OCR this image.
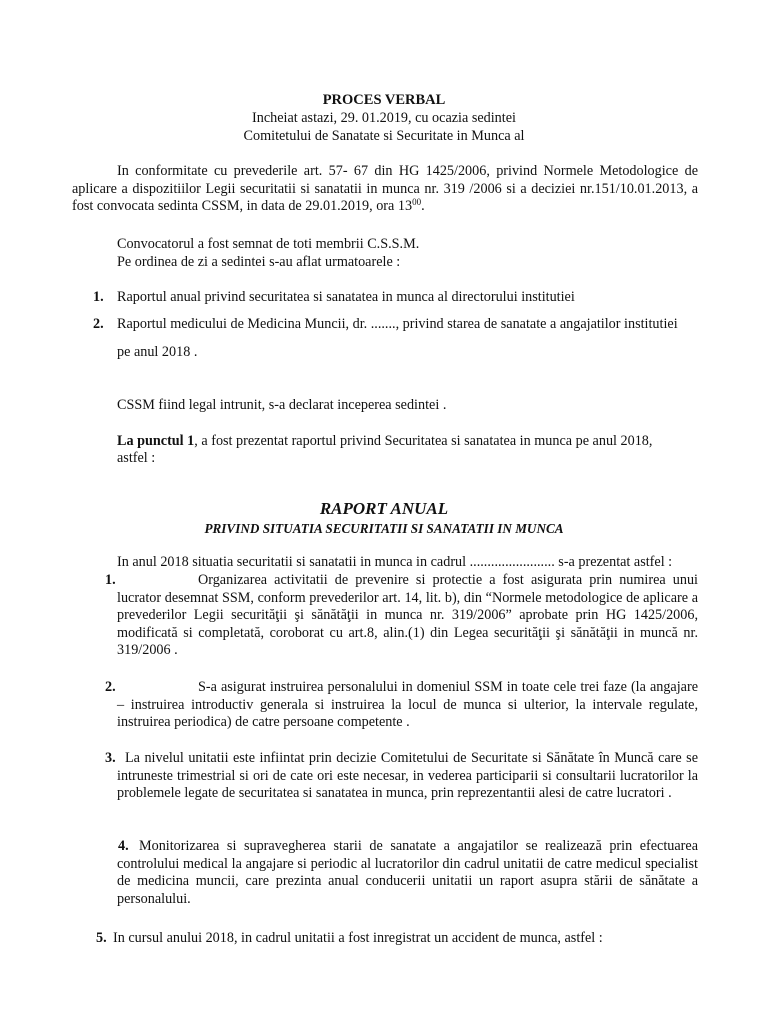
PROCES VERBAL
Incheiat astazi, 29. 01.2019, cu ocazia sedintei
Comitetului de Sanatate si Securitate in Munca al

In conformitate cu prevederile art. 57- 67 din HG 1425/2006, privind Normele Metodologice de aplicare a dispozitiilor Legii securitatii si sanatatii in munca nr. 319 /2006 si a deciziei nr.151/10.01.2013, a fost convocata sedinta CSSM, in data de 29.01.2019, ora $13^{00}$.

Convocatorul a fost semnat de toti membrii C.S.S.M.
Pe ordinea de zi a sedintei s-au aflat urmatoarele :
1. Raportul anual privind securitatea si sanatatea in munca al directorului institutiei
2. Raportul medicului de Medicina Muncii, dr. ......., privind starea de sanatate a angajatilor institutiei
pe anul 2018 .
CSSM fiind legal intrunit, s-a declarat inceperea sedintei .
La punctul 1, a fost prezentat raportul privind Securitatea si sanatatea in munca pe anul 2018,
astfel :
RAPORT ANUAL
PRIVIND SITUATIA SECURITATII SI SANATATII IN MUNCA
In anul 2018 situatia securitatii si sanatatii in munca in cadrul ........................ s-a prezentat astfel :
1.	Organizarea activitatii de prevenire si protectie a fost asigurata prin numirea unui lucrator desemnat SSM, conform prevederilor art. 14, lit. b), din “Normele metodologice de aplicare a prevederilor Legii securităţii şi sănătăţii in munca nr. 319/2006” aprobate prin HG 1425/2006, modificată si completată, coroborat cu art.8, alin.(1) din Legea securităţii şi sănătăţii in muncă nr. 319/2006 .

2.	S-a asigurat instruirea personalului in domeniul SSM in toate cele trei faze (la angajare – instruirea introductiv generala si instruirea la locul de munca si ulterior, la intervale regulate, instruirea periodica) de catre persoane competente .

3. La nivelul unitatii este infiintat prin decizie Comitetului de Securitate si Sănătate în Muncă care se intruneste trimestrial si ori de cate ori este necesar, in vederea participarii si consultarii lucratorilor la problemele legate de securitatea si sanatatea in munca, prin reprezentantii alesi de catre lucratori .

4. Monitorizarea si supravegherea starii de sanatate a angajatilor se realizează prin efectuarea controlului medical la angajare si periodic al lucratorilor din cadrul unitatii de catre medicul specialist de medicina muncii, care prezinta anual conducerii unitatii un raport asupra stării de sănătate a personalului.

5. In cursul anului 2018, in cadrul unitatii a fost inregistrat un accident de munca, astfel :
